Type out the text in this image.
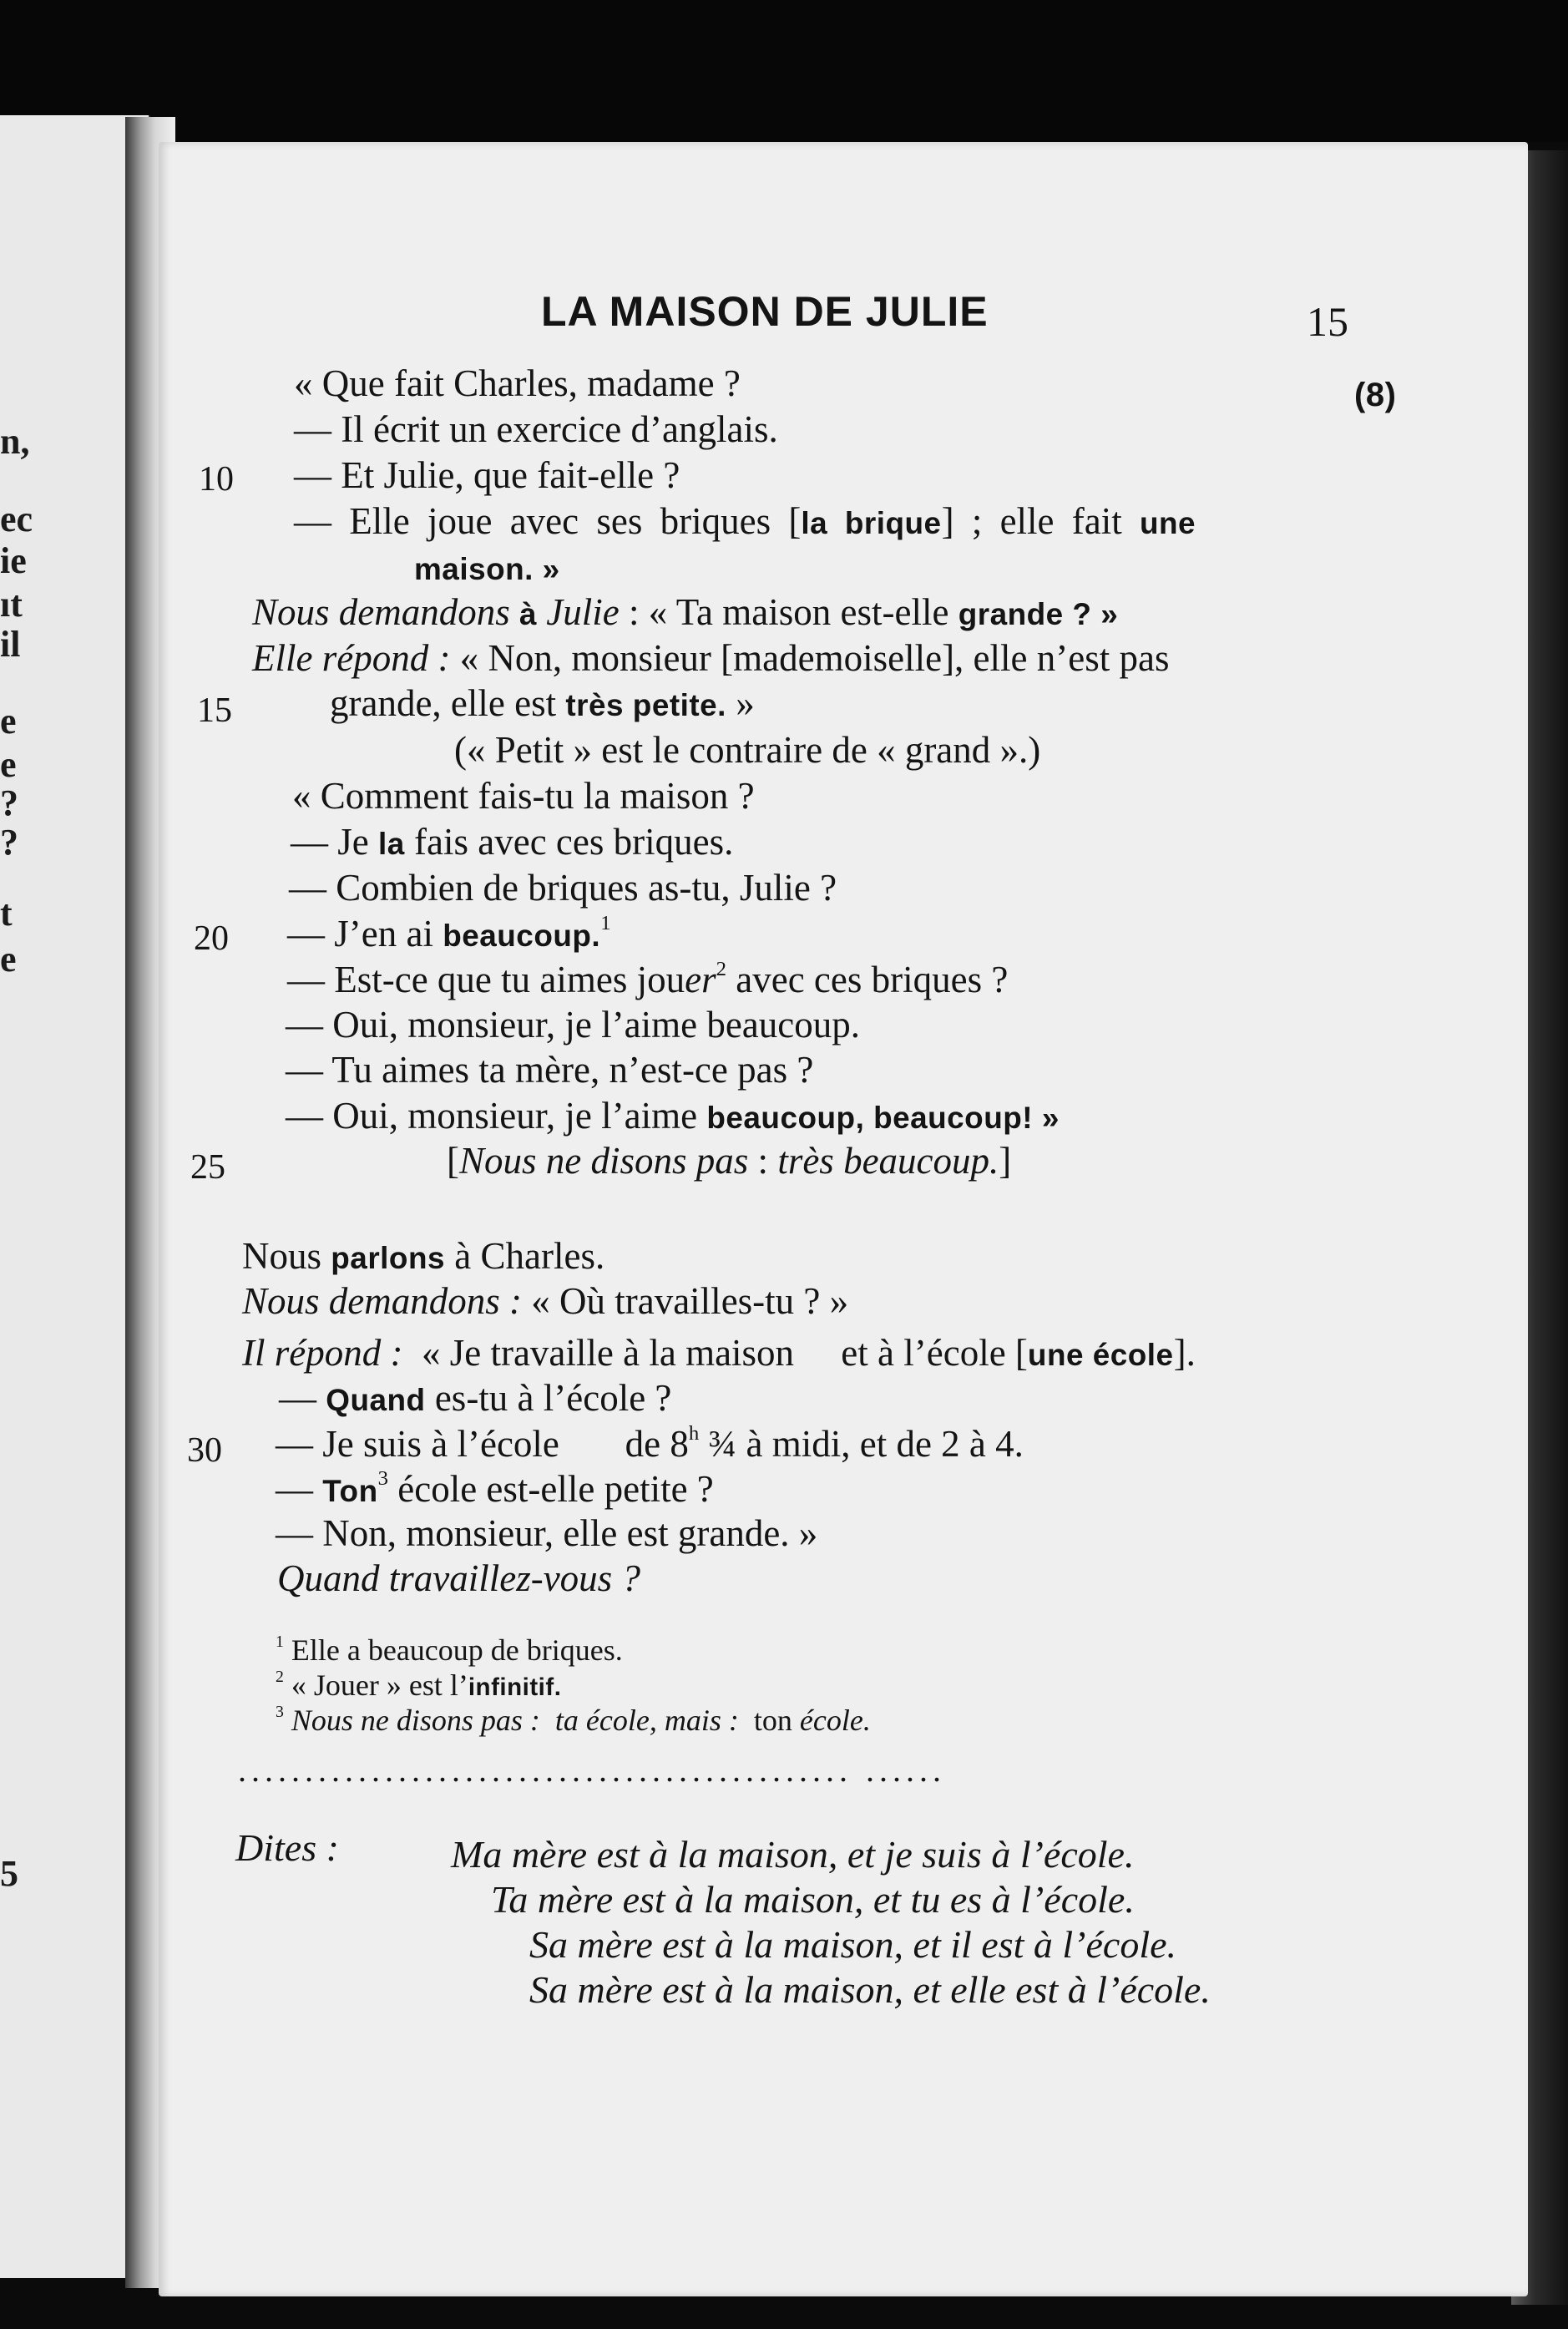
n,
ec
ie
ıt
il
e
e
?
?
t
e
5
LA MAISON DE JULIE	15
(8)
10
15
20
25
30
« Que fait Charles, madame ?
— Il écrit un exercice d’anglais.
— Et Julie, que fait-elle ?
— Elle joue avec ses briques [la brique] ; elle fait une
maison. »
Nous demandons à Julie : « Ta maison est-elle grande ? »
Elle répond : « Non, monsieur [mademoiselle], elle n’est pas
grande, elle est très petite. »
(« Petit » est le contraire de « grand ».)
« Comment fais-tu la maison ?
— Je la fais avec ces briques.
— Combien de briques as-tu, Julie ?
— J’en ai beaucoup.$^1$
— Est-ce que tu aimes jouer$^2$ avec ces briques ?
— Oui, monsieur, je l’aime beaucoup.
— Tu aimes ta mère, n’est-ce pas ?
— Oui, monsieur, je l’aime beaucoup, beaucoup! »
[Nous ne disons pas : très beaucoup.]
Nous parlons à Charles.
Nous demandons : « Où travailles-tu ? »
Il répond :  « Je travaille à la maison     et à l’école [une école].
— Quand es-tu à l’école ?
— Je suis à l’école       de 8$^h$ ¾ à midi, et de 2 à 4.
— Ton$^3$ école est-elle petite ?
— Non, monsieur, elle est grande. »
Quand travaillez-vous ?
$^1$ Elle a beaucoup de briques.
$^2$ « Jouer » est l’infinitif.
$^3$ Nous ne disons pas :  ta école, mais :  ton école.
.............................................. ......
Dites :	Ma mère est à la maison, et je suis à l’école.
Ta mère est à la maison, et tu es à l’école.
Sa mère est à la maison, et il est à l’école.
Sa mère est à la maison, et elle est à l’école.
